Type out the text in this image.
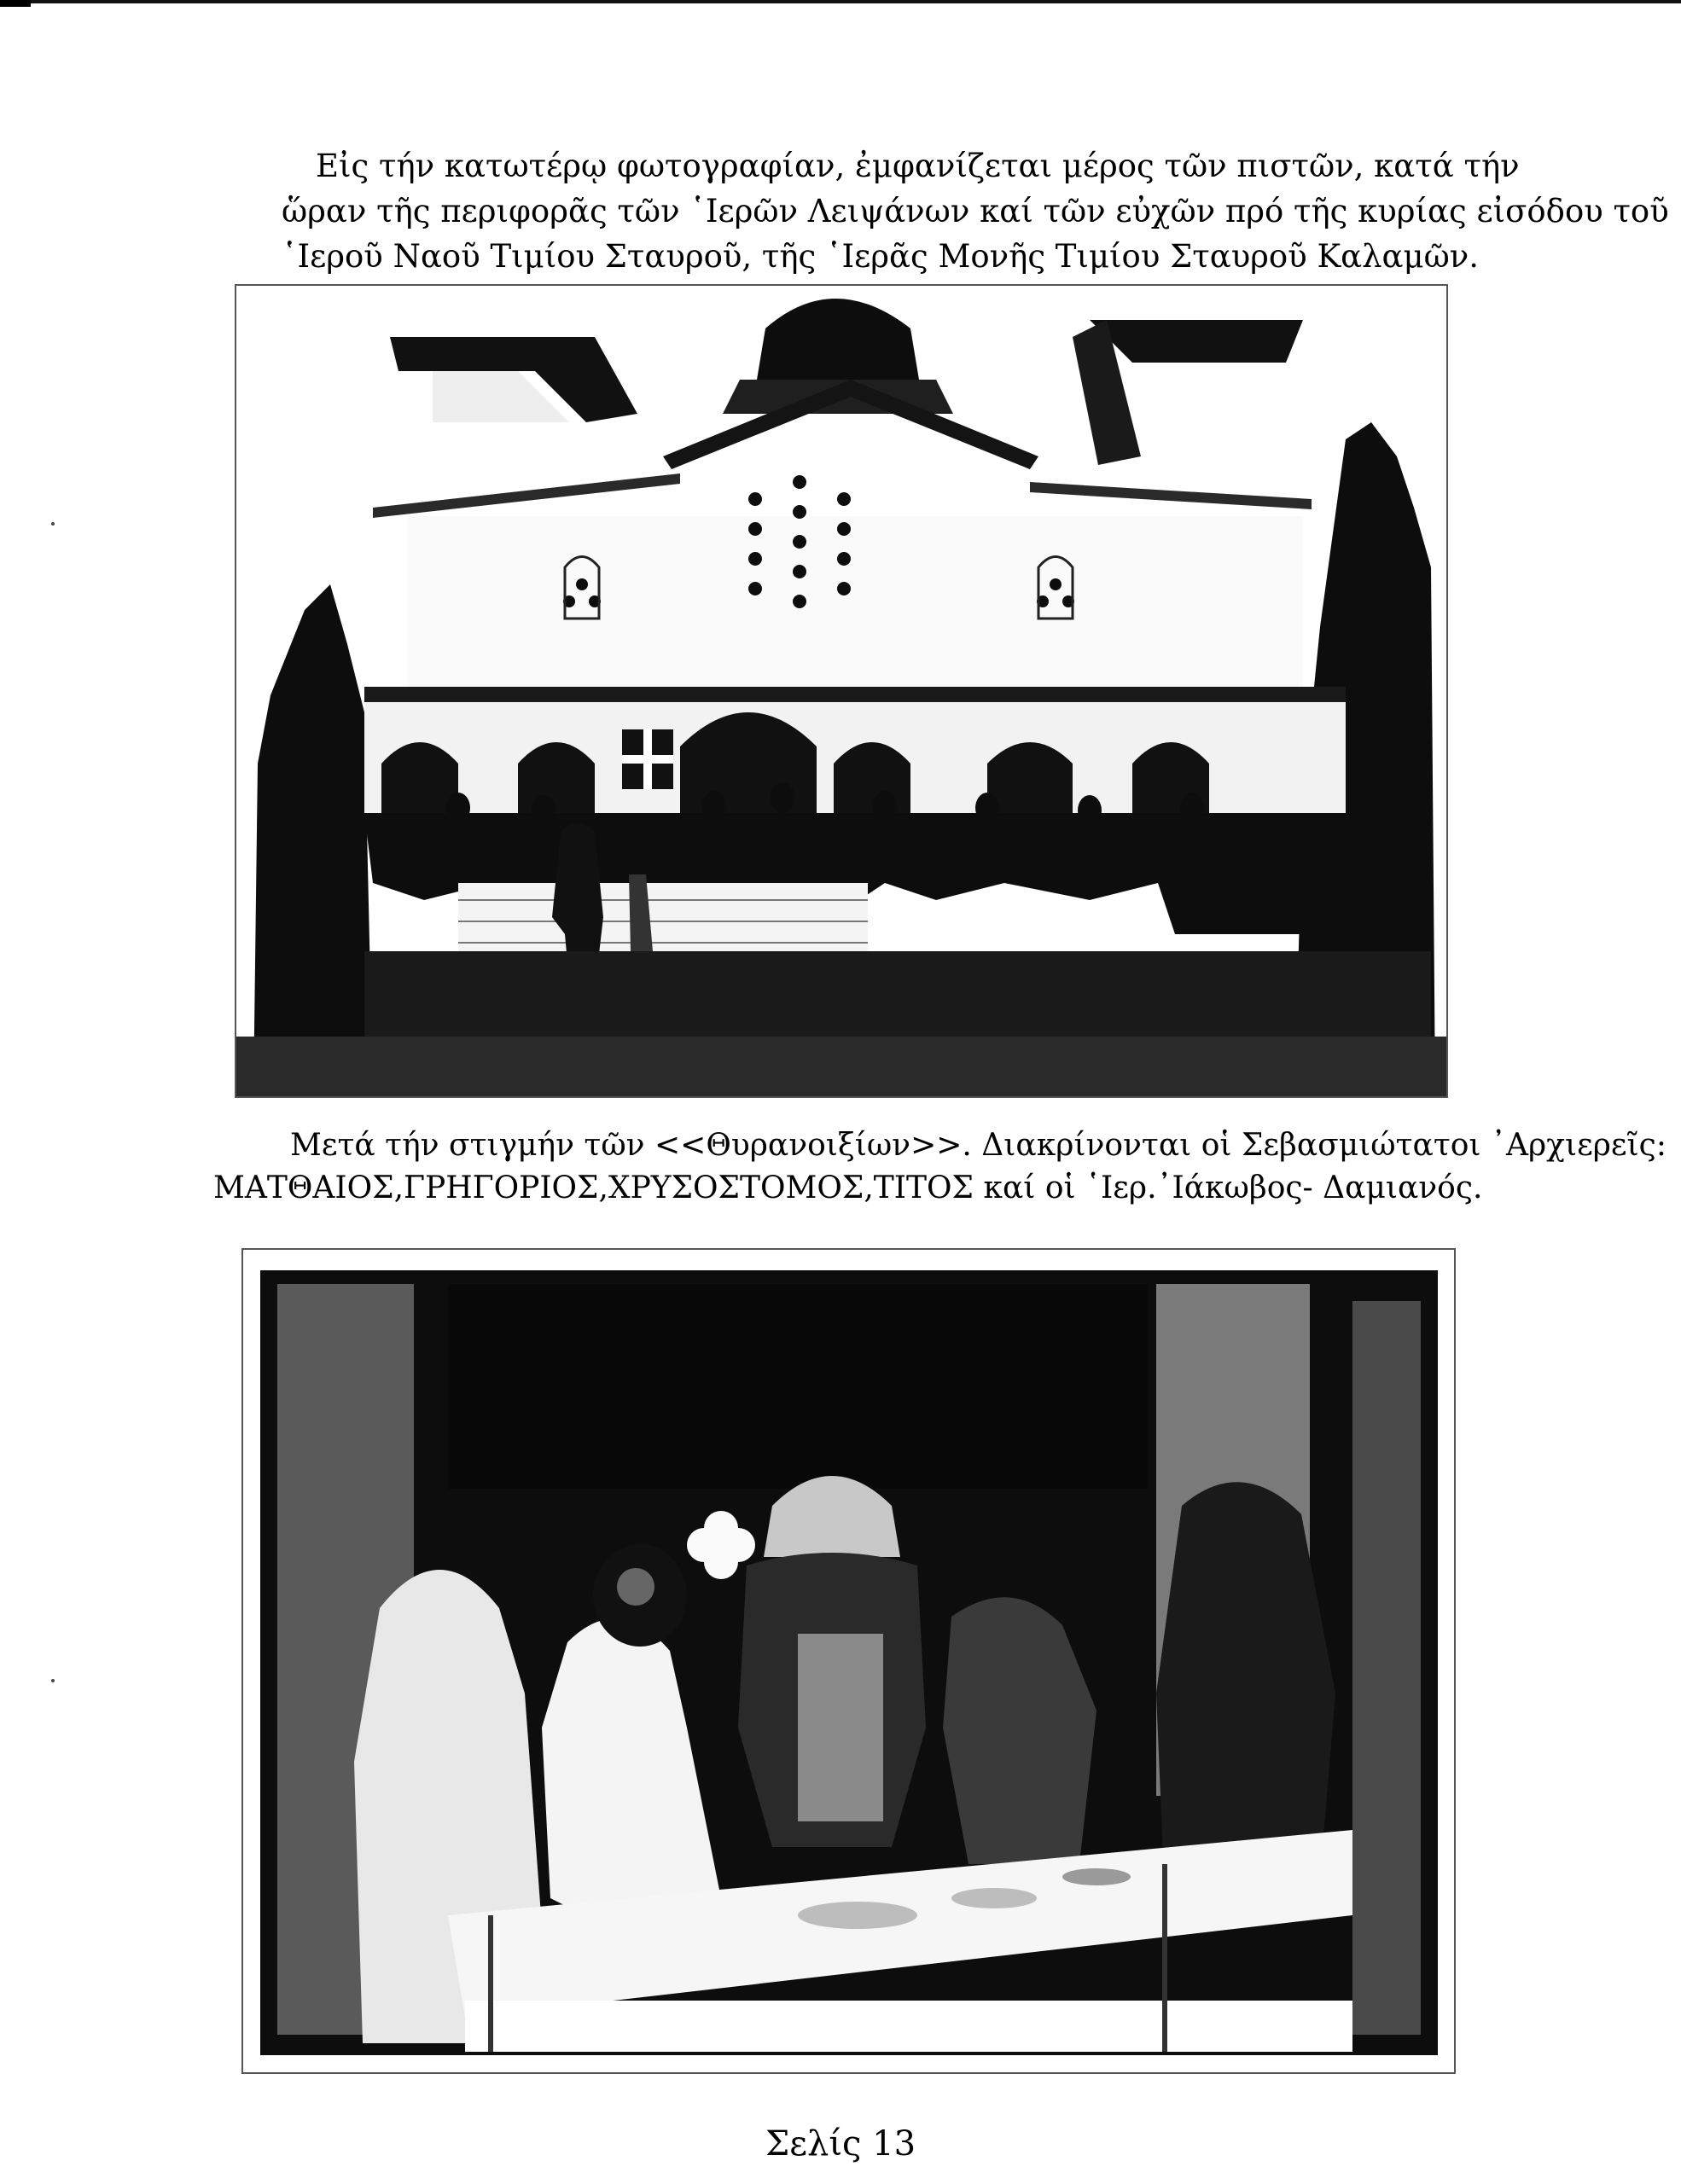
Εἰς τήν κατωτέρῳ φωτογραφίαν, ἐμφανίζεται μέρος τῶν πιστῶν, κατά τήν
ὥραν τῆς περιφορᾶς τῶν ῾Ιερῶν Λειψάνων καί τῶν εὐχῶν πρό τῆς κυρίας εἰσόδου τοῦ
῾Ιεροῦ Ναοῦ Τιμίου Σταυροῦ, τῆς ῾Ιερᾶς Μονῆς Τιμίου Σταυροῦ Καλαμῶν.
Μετά τήν στιγμήν τῶν <<Θυρανοιξίων>>. Διακρίνονται οἱ Σεβασμιώτατοι ᾿Αρχιερεῖς:
ΜΑΤΘΑΙΟΣ,ΓΡΗΓΟΡΙΟΣ,ΧΡΥΣΟΣΤΟΜΟΣ,ΤΙΤΟΣ καί οἱ ῾Ιερ.᾿Ιάκωβος- Δαμιανός.
Σελίς 13
